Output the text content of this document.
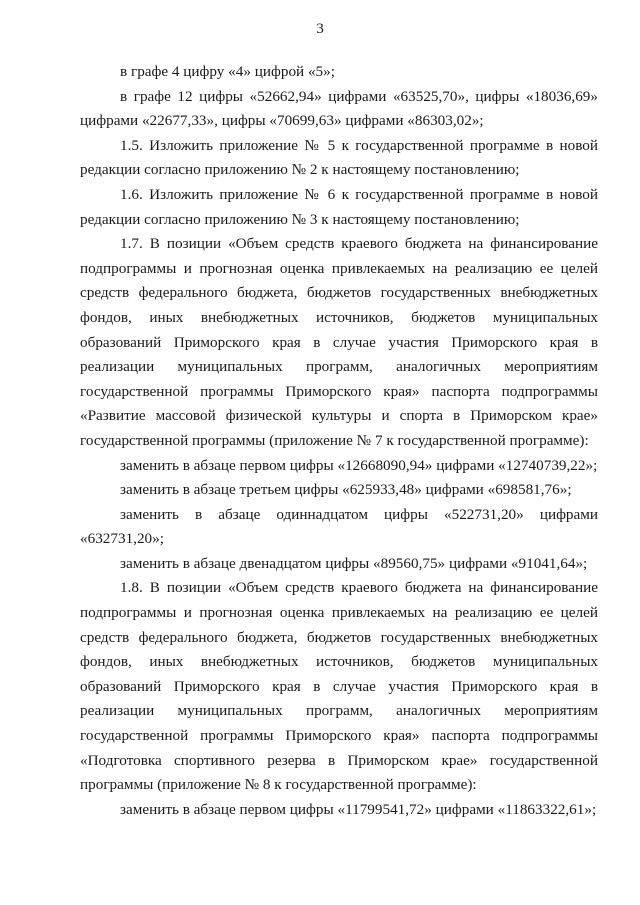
3

в графе 4 цифру «4» цифрой «5»;

в графе 12 цифры «52662,94» цифрами «63525,70», цифры «18036,69» цифрами «22677,33», цифры «70699,63» цифрами «86303,02»;

1.5. Изложить приложение № 5 к государственной программе в новой редакции согласно приложению № 2 к настоящему постановлению;

1.6. Изложить приложение № 6 к государственной программе в новой редакции согласно приложению № 3 к настоящему постановлению;

1.7. В позиции «Объем средств краевого бюджета на финансирование подпрограммы и прогнозная оценка привлекаемых на реализацию ее целей средств федерального бюджета, бюджетов государственных внебюджетных фондов, иных внебюджетных источников, бюджетов муниципальных образований Приморского края в случае участия Приморского края в реализации муниципальных программ, аналогичных мероприятиям государственной программы Приморского края» паспорта подпрограммы «Развитие массовой физической культуры и спорта в Приморском крае» государственной программы (приложение № 7 к государственной программе):

заменить в абзаце первом цифры «12668090,94» цифрами «12740739,22»;

заменить в абзаце третьем цифры «625933,48» цифрами «698581,76»;

заменить в абзаце одиннадцатом цифры «522731,20» цифрами «632731,20»;

заменить в абзаце двенадцатом цифры «89560,75» цифрами «91041,64»;

1.8. В позиции «Объем средств краевого бюджета на финансирование подпрограммы и прогнозная оценка привлекаемых на реализацию ее целей средств федерального бюджета, бюджетов государственных внебюджетных фондов, иных внебюджетных источников, бюджетов муниципальных образований Приморского края в случае участия Приморского края в реализации муниципальных программ, аналогичных мероприятиям государственной программы Приморского края» паспорта подпрограммы «Подготовка спортивного резерва в Приморском крае» государственной программы (приложение № 8 к государственной программе):

заменить в абзаце первом цифры «11799541,72» цифрами «11863322,61»;
